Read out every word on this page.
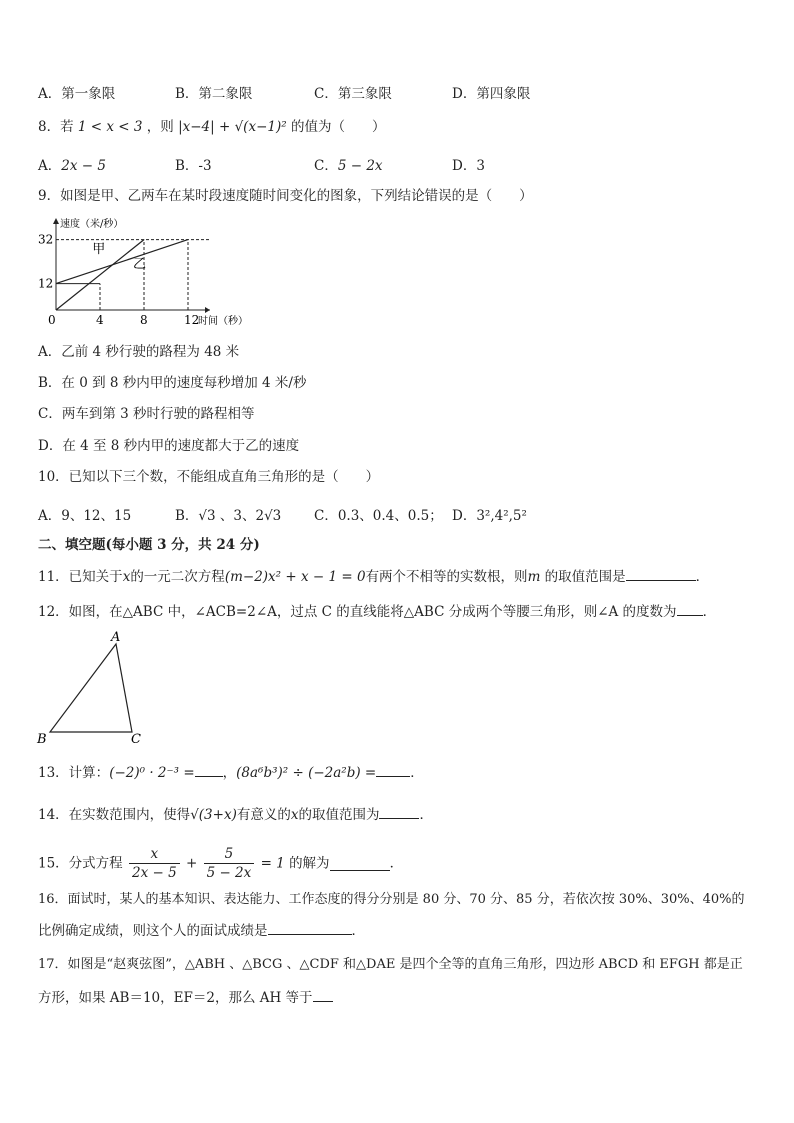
A．第一象限	B．第二象限	C．第三象限	D．第四象限
8．若 1 < x < 3 ，则 |x−4| + √(x−1)² 的值为（　　）
A．2x − 5	B．-3	C．5 − 2x	D．3
9．如图是甲、乙两车在某时段速度随时间变化的图象，下列结论错误的是（　　）
甲
乙
0	4	8	12
12
32
速度（米/秒）
时间（秒）
A．乙前 4 秒行驶的路程为 48 米
B．在 0 到 8 秒内甲的速度每秒增加 4 米/秒
C．两车到第 3 秒时行驶的路程相等
D．在 4 至 8 秒内甲的速度都大于乙的速度
10．已知以下三个数，不能组成直角三角形的是（　　）
A．9、12、15	B．√3 、3、2√3 C．0.3、0.4、0.5； D．3²,4²,5²
二、填空题(每小题 3 分，共 24 分)
11．已知关于x的一元二次方程(m−2)x² + x − 1 = 0有两个不相等的实数根，则m 的取值范围是	．
12．如图，在△ABC 中，∠ACB=2∠A，过点 C 的直线能将△ABC 分成两个等腰三角形，则∠A 的度数为 ．
A
B	C
13．计算：(−2)⁰ · 2⁻³ = ，(8a⁶b³)² ÷ (−2a²b) =	．
14．在实数范围内，使得√(3+x)有意义的x的取值范围为	．
15．分式方程 $\frac{x}{2x - 5} + \frac{5}{5 - 2x} = 1$ 的解为	．
16．面试时，某人的基本知识、表达能力、工作态度的得分分别是 80 分、70 分、85 分，若依次按 30%、30%、40%的
比例确定成绩，则这个人的面试成绩是	．
17．如图是“赵爽弦图”，△ABH 、△BCG 、△CDF 和△DAE 是四个全等的直角三角形，四边形 ABCD 和 EFGH 都是正
方形，如果 AB＝10，EF＝2，那么 AH 等于
